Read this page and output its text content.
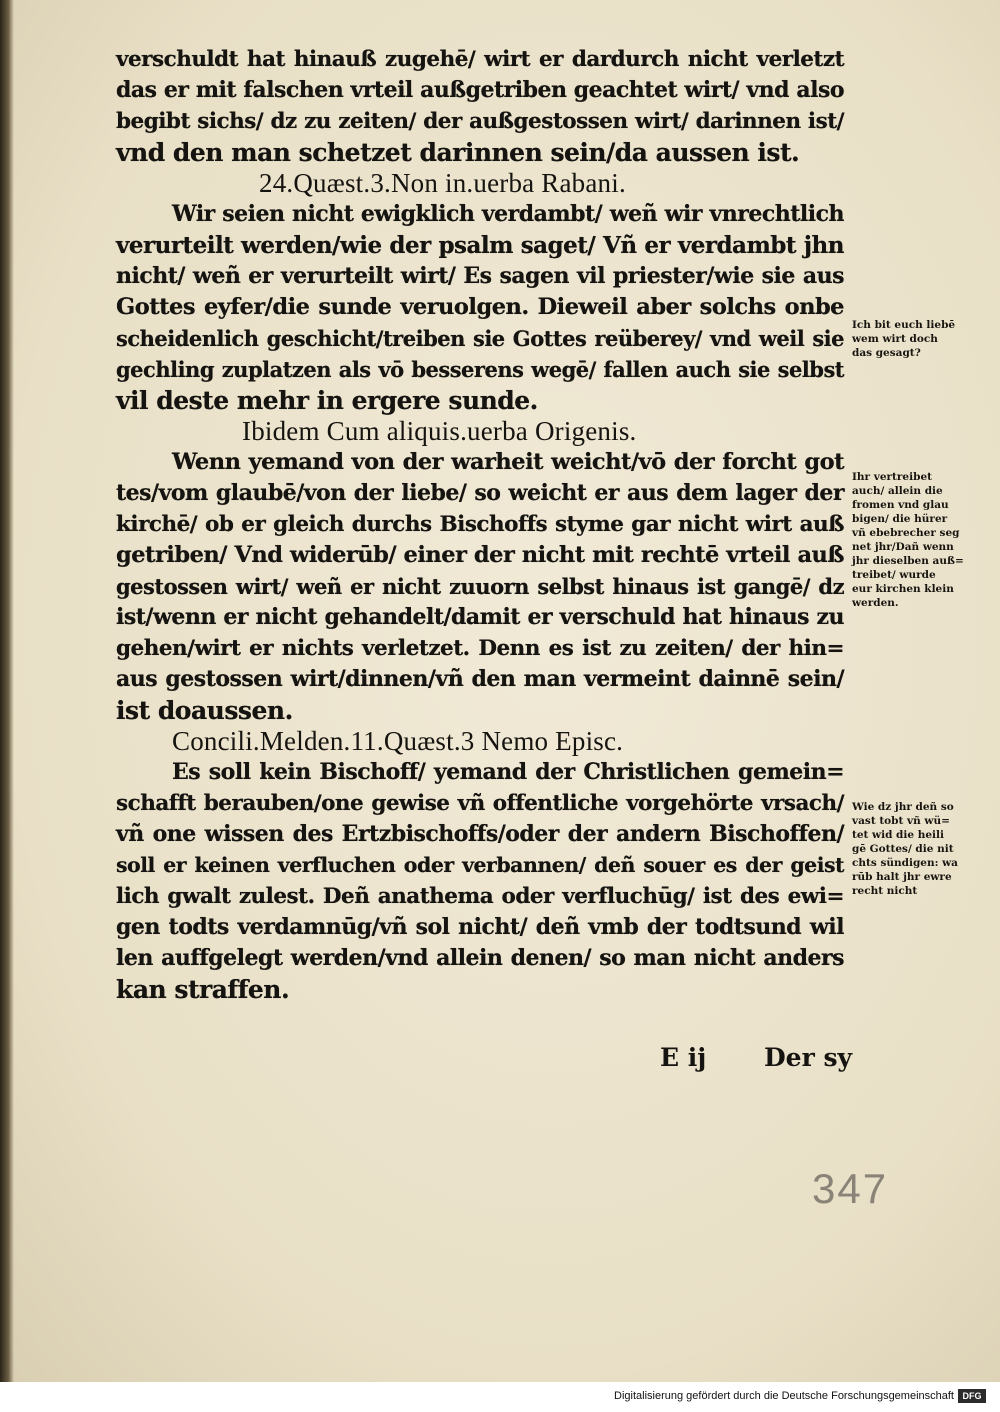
verschuldt hat hinauß zugehē/ wirt er dardurch nicht verletzt
das er mit falschen vrteil außgetriben geachtet wirt/ vnd also
begibt sichs/ dz zu zeiten/ der außgestossen wirt/ darinnen ist/
vnd den man schetzet darinnen sein/da aussen ist.
24.Quæst.3.Non in.uerba Rabani.
Wir seien nicht ewigklich verdambt/ weñ wir vnrechtlich
verurteilt werden/wie der psalm saget/ Vñ er verdambt jhn
nicht/ weñ er verurteilt wirt/ Es sagen vil priester/wie sie aus
Gottes eyfer/die sunde veruolgen. Dieweil aber solchs onbe
scheidenlich geschicht/treiben sie Gottes reüberey/ vnd weil sie
gechling zuplatzen als vō besserens wegē/ fallen auch sie selbst
vil deste mehr in ergere sunde.
Ibidem Cum aliquis.uerba Origenis.
Wenn yemand von der warheit weicht/vō der forcht got
tes/vom glaubē/von der liebe/ so weicht er aus dem lager der
kirchē/ ob er gleich durchs Bischoffs styme gar nicht wirt auß
getriben/ Vnd widerūb/ einer der nicht mit rechtē vrteil auß
gestossen wirt/ weñ er nicht zuuorn selbst hinaus ist gangē/ dz
ist/wenn er nicht gehandelt/damit er verschuld hat hinaus zu
gehen/wirt er nichts verletzet. Denn es ist zu zeiten/ der hin=
aus gestossen wirt/dinnen/vñ den man vermeint dainnē sein/
ist doaussen.
Concili.Melden.11.Quæst.3 Nemo Episc.
Es soll kein Bischoff/ yemand der Christlichen gemein=
schafft berauben/one gewise vñ offentliche vorgehörte vrsach/
vñ one wissen des Ertzbischoffs/oder der andern Bischoffen/
soll er keinen verfluchen oder verbannen/ deñ souer es der geist
lich gwalt zulest. Deñ anathema oder verfluchūg/ ist des ewi=
gen todts verdamnūg/vñ sol nicht/ deñ vmb der todtsund wil
len auffgelegt werden/vnd allein denen/ so man nicht anders
kan straffen.
Ich bit euch liebē
wem wirt doch
das gesagt?
Ihr vertreibet
auch/ allein die
fromen vnd glau
bigen/ die hürer
vñ ebebrecher seg
net jhr/Dañ wenn
jhr dieselben auß=
treibet/ wurde
eur kirchen klein
werden.
Wie dz jhr deñ so
vast tobt vñ wü=
tet wid die heili
gē Gottes/ die nit
chts sündigen: wa
rūb halt jhr ewre
recht nicht
E ij Der sy
347
Digitalisierung gefördert durch die Deutsche Forschungsgemeinschaft DFG
